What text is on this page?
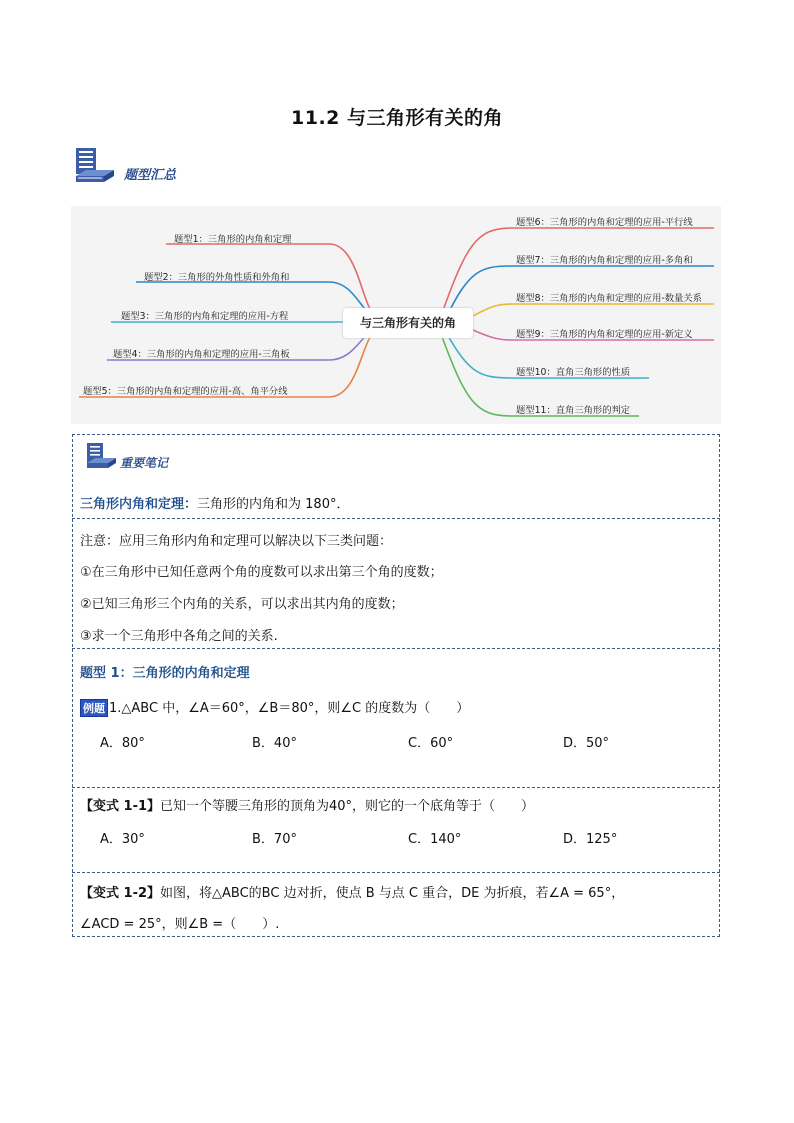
11.2 与三角形有关的角
题型汇总
与三角形有关的角
题型1：三角形的内角和定理
题型2：三角形的外角性质和外角和
题型3：三角形的内角和定理的应用-方程
题型4：三角形的内角和定理的应用-三角板
题型5：三角形的内角和定理的应用-高、角平分线
题型6：三角形的内角和定理的应用-平行线
题型7：三角形的内角和定理的应用-多角和
题型8：三角形的内角和定理的应用-数量关系
题型9：三角形的内角和定理的应用-新定义
题型10：直角三角形的性质
题型11：直角三角形的判定
重要笔记
三角形内角和定理：三角形的内角和为 180°．
注意：应用三角形内角和定理可以解决以下三类问题：
①在三角形中已知任意两个角的度数可以求出第三个角的度数；
②已知三角形三个内角的关系，可以求出其内角的度数；
③求一个三角形中各角之间的关系.
题型 1：三角形的内角和定理
例题 1.△ABC 中，∠A＝60°，∠B＝80°，则∠C 的度数为（　　）
A．80°	B．40°	C．60°	D．50°
【变式 1-1】已知一个等腰三角形的顶角为40°，则它的一个底角等于（　　）
A．30°	B．70°	C．140°	D．125°
【变式 1-2】如图，将△ABC的BC 边对折，使点 B 与点 C 重合，DE 为折痕，若∠A = 65°，
∠ACD = 25°，则∠B =（　　）.
